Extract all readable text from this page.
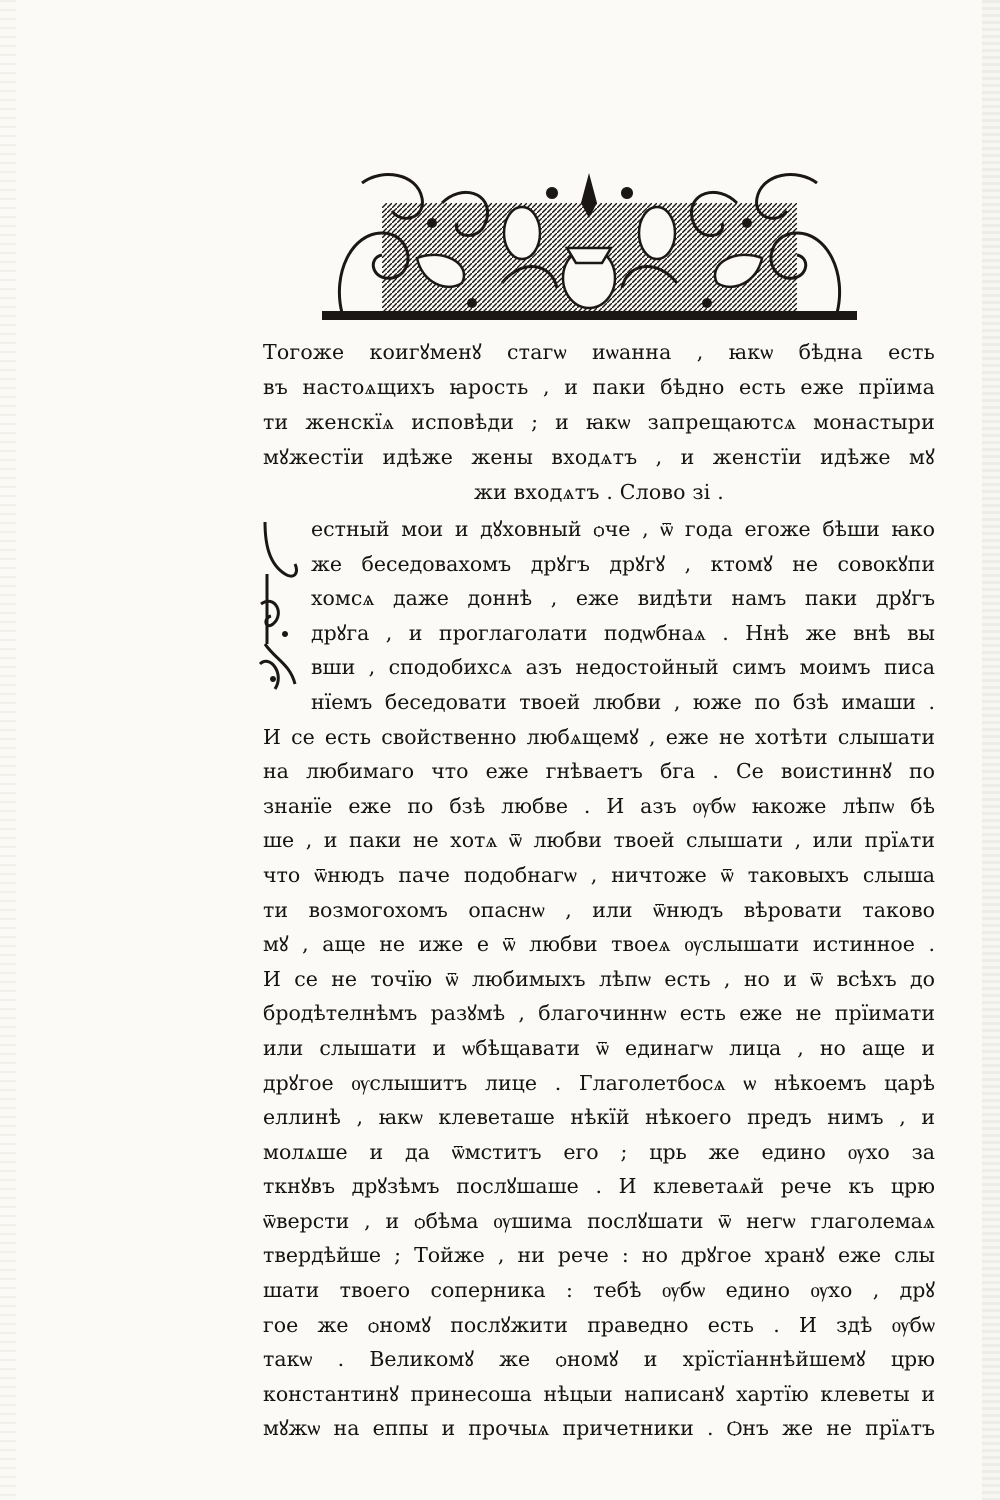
Тогоже коигꙋменꙋ стагѡ иѡанна , ꙗкѡ бѣдна есть

въ настоѧщихъ ꙗрость , и паки бѣдно есть еже прїима

ти женскїѧ исповѣди ; и ꙗкѡ запрещаютсѧ монастыри

мꙋжестїи идѣже жены входѧтъ , и женстїи идѣже мꙋ

жи входѧтъ . Слово зі .

естный мои и дꙋховный ѻче , ѿ года егоже бѣши ꙗко

же беседовахомъ дрꙋгъ дрꙋгꙋ , ктомꙋ не совокꙋпи

хомсѧ даже доннѣ , еже видѣти намъ паки дрꙋгъ

дрꙋга , и проглаголати подѡбнаѧ . Ннѣ же внѣ вы

вши , сподобихсѧ азъ недостойный симъ моимъ писа

нїемъ беседовати твоей любви , юже по бзѣ имаши .

И се есть свойственно любѧщемꙋ , еже не хотѣти слышати

на любимаго что еже гнѣваетъ бга . Се воистиннꙋ по

знанїе еже по бзѣ любве . И азъ ѹбѡ ꙗкоже лѣпѡ бѣ

ше , и паки не хотѧ ѿ любви твоей слышати , или прїѧти

что ѿнюдъ паче подобнагѡ , ничтоже ѿ таковыхъ слыша

ти возмогохомъ опаснѡ , или ѿнюдъ вѣровати таково

мꙋ , аще не иже е ѿ любви твоеѧ ѹслышати истинное .

И се не точїю ѿ любимыхъ лѣпѡ есть , но и ѿ всѣхъ до

бродѣтелнѣмъ разꙋмѣ , благочиннѡ есть еже не прїимати

или слышати и ѡбѣщавати ѿ единагѡ лица , но аще и

дрꙋгое ѹслышитъ лице . Глаголетбосѧ ѡ нѣкоемъ царѣ

еллинѣ , ꙗкѡ клеветаше нѣкїй нѣкоего предъ нимъ , и

молѧше и да ѿмститъ его ; црь же едино ѹхо за

ткнꙋвъ дрꙋзѣмъ послꙋшаше . И клеветаѧй рече къ црю

ѿверсти , и ѻбѣма ѹшима послꙋшати ѿ негѡ глаголемаѧ

твердѣйше ; Тойже , ни рече : но дрꙋгое хранꙋ еже слы

шати твоего соперника : тебѣ ѹбѡ едино ѹхо , дрꙋ

гое же ѻномꙋ послꙋжити праведно есть . И здѣ ѹбѡ

такѡ . Великомꙋ же ѻномꙋ и хрїстїаннѣйшемꙋ црю

константинꙋ принесоша нѣцыи написанꙋ хартїю клеветы и

мꙋжѡ на еппы и прочыѧ причетники . Ѻнъ же не прїѧтъ
